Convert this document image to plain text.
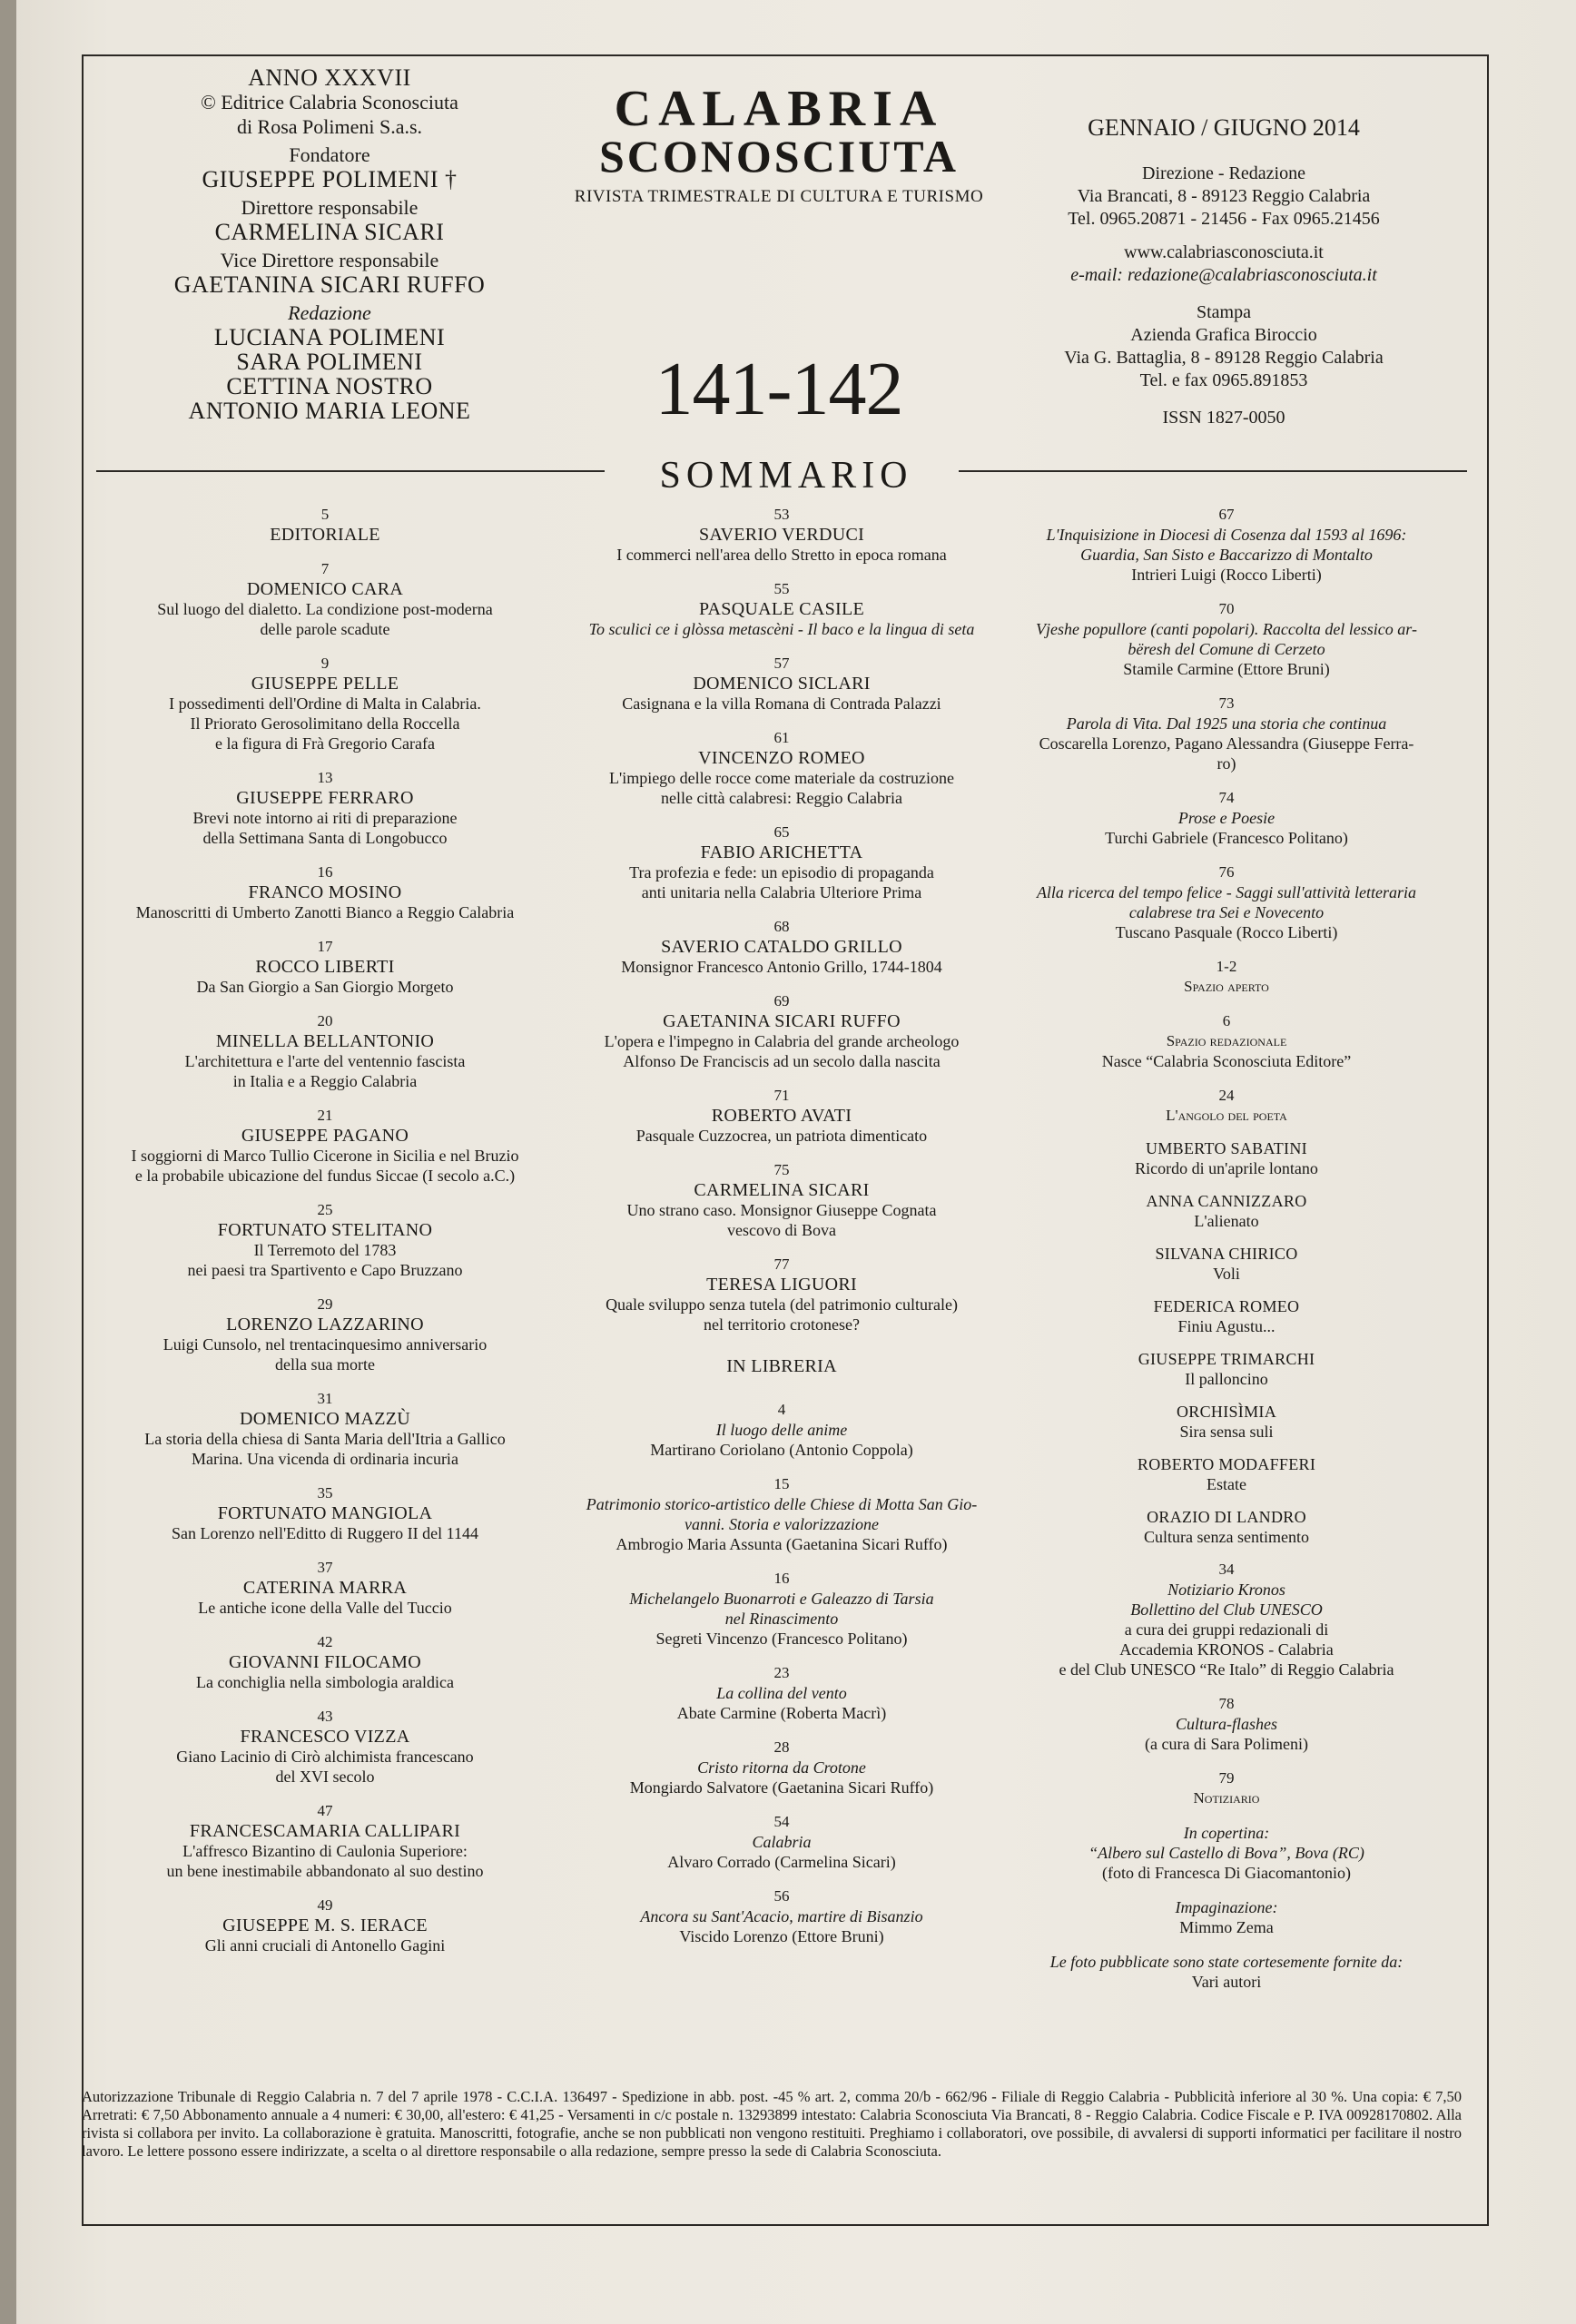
ANNO XXXVII
© Editrice Calabria Sconosciuta
di Rosa Polimeni S.a.s.
Fondatore
GIUSEPPE POLIMENI †
Direttore responsabile
CARMELINA SICARI
Vice Direttore responsabile
GAETANINA SICARI RUFFO
Redazione
LUCIANA POLIMENI
SARA POLIMENI
CETTINA NOSTRO
ANTONIO MARIA LEONE
CALABRIA
SCONOSCIUTA
RIVISTA TRIMESTRALE DI CULTURA E TURISMO
141-142
GENNAIO / GIUGNO 2014
Direzione - Redazione
Via Brancati, 8 - 89123 Reggio Calabria
Tel. 0965.20871 - 21456 - Fax 0965.21456
www.calabriasconosciuta.it
e-mail: redazione@calabriasconosciuta.it
Stampa
Azienda Grafica Biroccio
Via G. Battaglia, 8 - 89128 Reggio Calabria
Tel. e fax 0965.891853
ISSN 1827-0050
SOMMARIO
5
EDITORIALE
7
DOMENICO CARA
Sul luogo del dialetto. La condizione post-moderna
delle parole scadute
9
GIUSEPPE PELLE
I possedimenti dell'Ordine di Malta in Calabria.
Il Priorato Gerosolimitano della Roccella
e la figura di Frà Gregorio Carafa
13
GIUSEPPE FERRARO
Brevi note intorno ai riti di preparazione
della Settimana Santa di Longobucco
16
FRANCO MOSINO
Manoscritti di Umberto Zanotti Bianco a Reggio Calabria
17
ROCCO LIBERTI
Da San Giorgio a San Giorgio Morgeto
20
MINELLA BELLANTONIO
L'architettura e l'arte del ventennio fascista
in Italia e a Reggio Calabria
21
GIUSEPPE PAGANO
I soggiorni di Marco Tullio Cicerone in Sicilia e nel Bruzio
e la probabile ubicazione del fundus Siccae (I secolo a.C.)
25
FORTUNATO STELITANO
Il Terremoto del 1783
nei paesi tra Spartivento e Capo Bruzzano
29
LORENZO LAZZARINO
Luigi Cunsolo, nel trentacinquesimo anniversario
della sua morte
31
DOMENICO MAZZÙ
La storia della chiesa di Santa Maria dell'Itria a Gallico
Marina. Una vicenda di ordinaria incuria
35
FORTUNATO MANGIOLA
San Lorenzo nell'Editto di Ruggero II del 1144
37
CATERINA MARRA
Le antiche icone della Valle del Tuccio
42
GIOVANNI FILOCAMO
La conchiglia nella simbologia araldica
43
FRANCESCO VIZZA
Giano Lacinio di Cirò alchimista francescano
del XVI secolo
47
FRANCESCAMARIA CALLIPARI
L'affresco Bizantino di Caulonia Superiore:
un bene inestimabile abbandonato al suo destino
49
GIUSEPPE M. S. IERACE
Gli anni cruciali di Antonello Gagini
53
SAVERIO VERDUCI
I commerci nell'area dello Stretto in epoca romana
55
PASQUALE CASILE
To sculici ce i glòssa metascèni - Il baco e la lingua di seta
57
DOMENICO SICLARI
Casignana e la villa Romana di Contrada Palazzi
61
VINCENZO ROMEO
L'impiego delle rocce come materiale da costruzione
nelle città calabresi: Reggio Calabria
65
FABIO ARICHETTA
Tra profezia e fede: un episodio di propaganda
anti unitaria nella Calabria Ulteriore Prima
68
SAVERIO CATALDO GRILLO
Monsignor Francesco Antonio Grillo, 1744-1804
69
GAETANINA SICARI RUFFO
L'opera e l'impegno in Calabria del grande archeologo
Alfonso De Franciscis ad un secolo dalla nascita
71
ROBERTO AVATI
Pasquale Cuzzocrea, un patriota dimenticato
75
CARMELINA SICARI
Uno strano caso. Monsignor Giuseppe Cognata
vescovo di Bova
77
TERESA LIGUORI
Quale sviluppo senza tutela (del patrimonio culturale)
nel territorio crotonese?
IN LIBRERIA
4
Il luogo delle anime
Martirano Coriolano (Antonio Coppola)
15
Patrimonio storico-artistico delle Chiese di Motta San Gio-
vanni. Storia e valorizzazione
Ambrogio Maria Assunta (Gaetanina Sicari Ruffo)
16
Michelangelo Buonarroti e Galeazzo di Tarsia
nel Rinascimento
Segreti Vincenzo (Francesco Politano)
23
La collina del vento
Abate Carmine (Roberta Macrì)
28
Cristo ritorna da Crotone
Mongiardo Salvatore (Gaetanina Sicari Ruffo)
54
Calabria
Alvaro Corrado (Carmelina Sicari)
56
Ancora su Sant'Acacio, martire di Bisanzio
Viscido Lorenzo (Ettore Bruni)
67
L'Inquisizione in Diocesi di Cosenza dal 1593 al 1696:
Guardia, San Sisto e Baccarizzo di Montalto
Intrieri Luigi (Rocco Liberti)
70
Vjeshe popullore (canti popolari). Raccolta del lessico ar-
bëresh del Comune di Cerzeto
Stamile Carmine (Ettore Bruni)
73
Parola di Vita. Dal 1925 una storia che continua
Coscarella Lorenzo, Pagano Alessandra (Giuseppe Ferra-
ro)
74
Prose e Poesie
Turchi Gabriele (Francesco Politano)
76
Alla ricerca del tempo felice - Saggi sull'attività letteraria
calabrese tra Sei e Novecento
Tuscano Pasquale (Rocco Liberti)
1-2
Spazio aperto
6
Spazio redazionale
Nasce “Calabria Sconosciuta Editore”
24
L'angolo del poeta
UMBERTO SABATINI
Ricordo di un'aprile lontano
ANNA CANNIZZARO
L'alienato
SILVANA CHIRICO
Voli
FEDERICA ROMEO
Finiu Agustu...
GIUSEPPE TRIMARCHI
Il palloncino
ORCHISÌMIA
Sira sensa suli
ROBERTO MODAFFERI
Estate
ORAZIO DI LANDRO
Cultura senza sentimento
34
Notiziario Kronos
Bollettino del Club UNESCO
a cura dei gruppi redazionali di
Accademia KRONOS - Calabria
e del Club UNESCO “Re Italo” di Reggio Calabria
78
Cultura-flashes
(a cura di Sara Polimeni)
79
Notiziario
In copertina:
“Albero sul Castello di Bova”, Bova (RC)
(foto di Francesca Di Giacomantonio)
Impaginazione:
Mimmo Zema
Le foto pubblicate sono state cortesemente fornite da:
Vari autori
Autorizzazione Tribunale di Reggio Calabria n. 7 del 7 aprile 1978 - C.C.I.A. 136497 - Spedizione in abb. post. -45 % art. 2, comma 20/b - 662/96 - Filiale di Reggio Calabria - Pubblicità inferiore al 30 %. Una copia: € 7,50 Arretrati: € 7,50 Abbonamento annuale a 4 numeri: € 30,00, all'estero: € 41,25 - Versamenti in c/c postale n. 13293899 intestato: Calabria Sconosciuta Via Brancati, 8 - Reggio Calabria. Codice Fiscale e P. IVA 00928170802. Alla rivista si collabora per invito. La collaborazione è gratuita. Manoscritti, fotografie, anche se non pubblicati non vengono restituiti. Preghiamo i collaboratori, ove possibile, di avvalersi di supporti informatici per facilitare il nostro lavoro. Le lettere possono essere indirizzate, a scelta o al direttore responsabile o alla redazione, sempre presso la sede di Calabria Sconosciuta.
